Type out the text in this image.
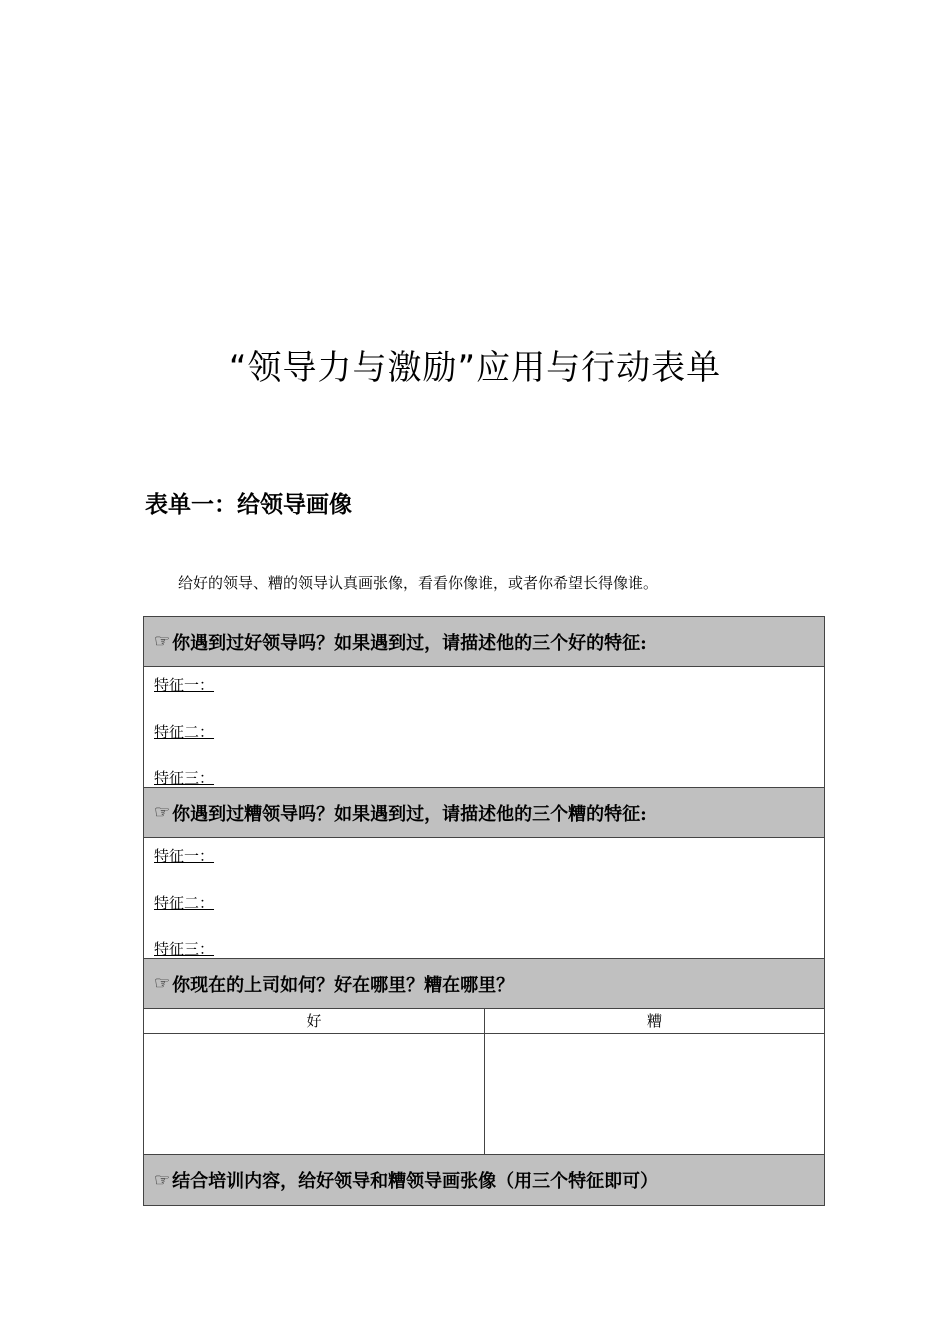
“领导力与激励”应用与行动表单
表单一：给领导画像

给好的领导、糟的领导认真画张像，看看你像谁，或者你希望长得像谁。

☞ 你遇到过好领导吗？如果遇到过，请描述他的三个好的特征:
特征一：
特征二：
特征三：
☞ 你遇到过糟领导吗？如果遇到过，请描述他的三个糟的特征:
特征一：
特征二：
特征三：
☞ 你现在的上司如何？好在哪里？糟在哪里？
好	糟
☞ 结合培训内容，给好领导和糟领导画张像（用三个特征即可）
